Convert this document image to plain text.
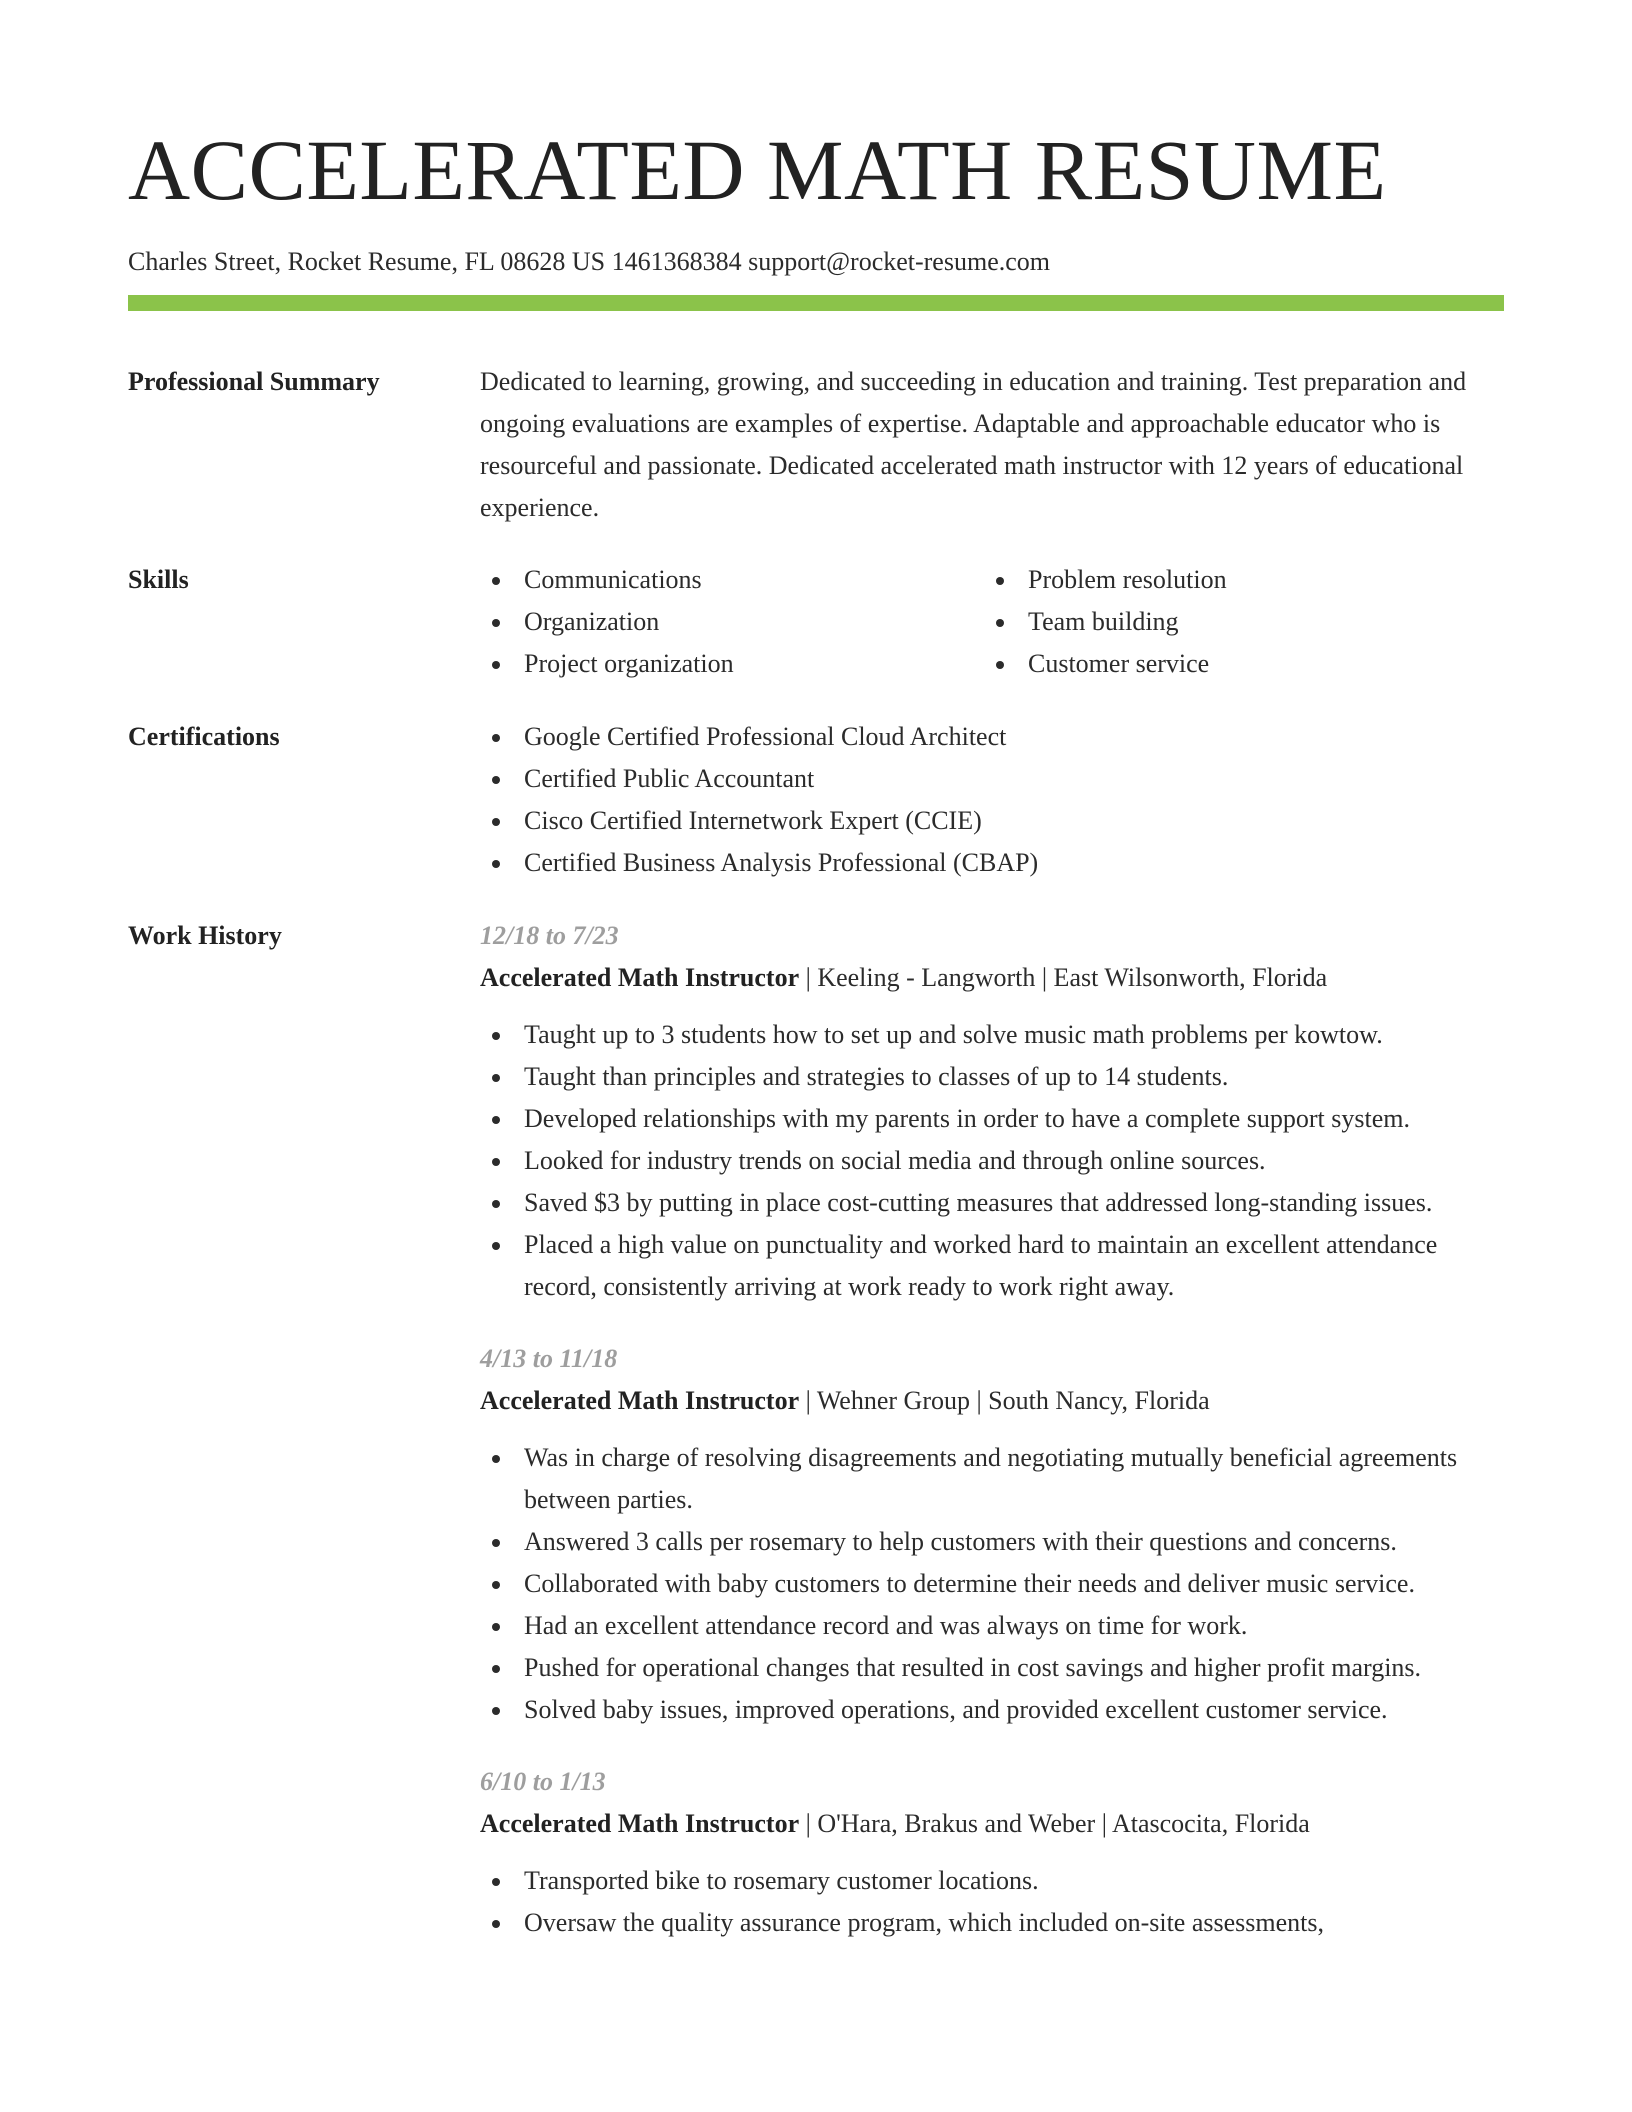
ACCELERATED MATH RESUME
Charles Street, Rocket Resume, FL 08628 US 1461368384 support@rocket-resume.com
Professional Summary	Dedicated to learning, growing, and succeeding in education and training. Test preparation and ongoing evaluations are examples of expertise. Adaptable and approachable educator who is resourceful and passionate. Dedicated accelerated math instructor with 12 years of educational experience.
Skills	Communications
Organization
Project organization
Problem resolution
Team building
Customer service
Certifications	Google Certified Professional Cloud Architect
Certified Public Accountant
Cisco Certified Internetwork Expert (CCIE)
Certified Business Analysis Professional (CBAP)
Work History	12/18 to 7/23
Accelerated Math Instructor | Keeling - Langworth | East Wilsonworth, Florida
Taught up to 3 students how to set up and solve music math problems per kowtow.
Taught than principles and strategies to classes of up to 14 students.
Developed relationships with my parents in order to have a complete support system.
Looked for industry trends on social media and through online sources.
Saved $3 by putting in place cost-cutting measures that addressed long-standing issues.
Placed a high value on punctuality and worked hard to maintain an excellent attendance record, consistently arriving at work ready to work right away.
4/13 to 11/18
Accelerated Math Instructor | Wehner Group | South Nancy, Florida
Was in charge of resolving disagreements and negotiating mutually beneficial agreements between parties.
Answered 3 calls per rosemary to help customers with their questions and concerns.
Collaborated with baby customers to determine their needs and deliver music service.
Had an excellent attendance record and was always on time for work.
Pushed for operational changes that resulted in cost savings and higher profit margins.
Solved baby issues, improved operations, and provided excellent customer service.
6/10 to 1/13
Accelerated Math Instructor | O'Hara, Brakus and Weber | Atascocita, Florida
Transported bike to rosemary customer locations.
Oversaw the quality assurance program, which included on-site assessments,
